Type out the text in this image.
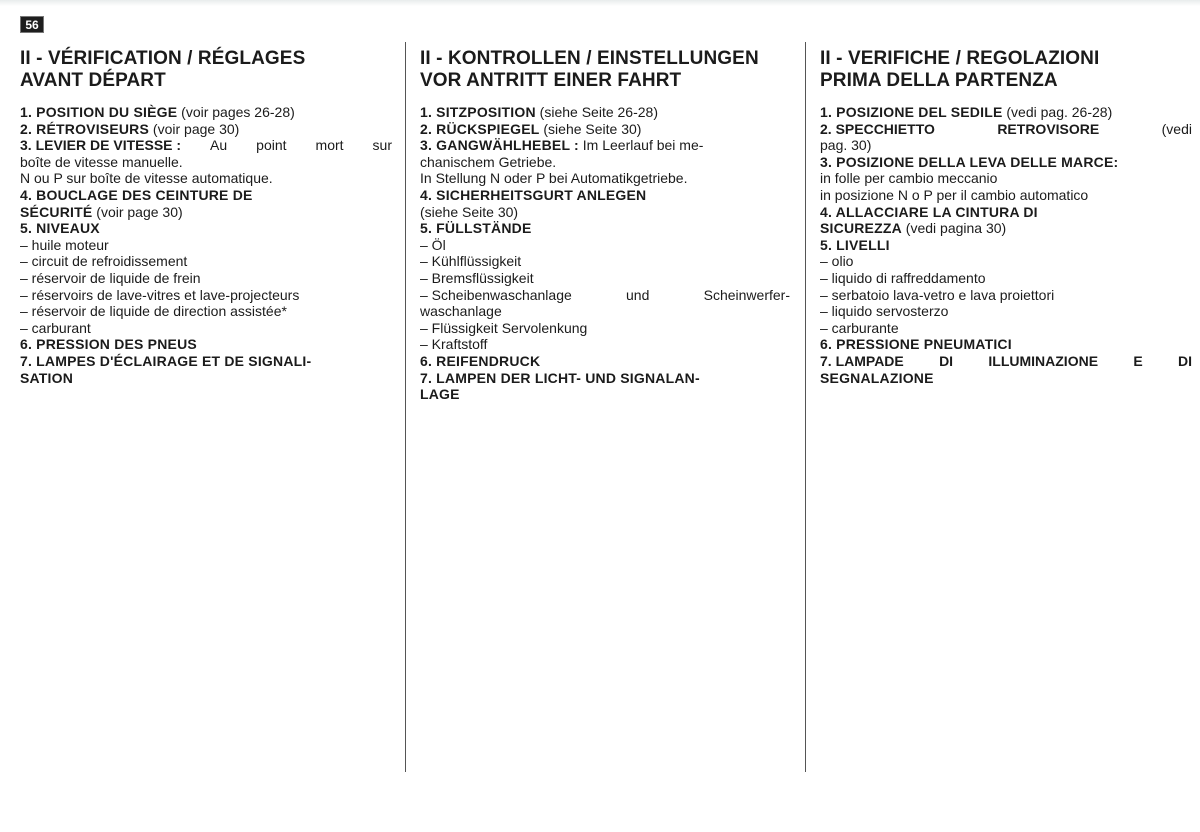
56
II - VÉRIFICATION / RÉGLAGES
AVANT DÉPART
1. POSITION DU SIÈGE (voir pages 26-28)
2. RÉTROVISEURS (voir page 30)
3. LEVIER DE VITESSE : Au point mort sur
boîte de vitesse manuelle.
N ou P sur boîte de vitesse automatique.
4. BOUCLAGE DES CEINTURE DE
SÉCURITÉ (voir page 30)
5. NIVEAUX
– huile moteur
– circuit de refroidissement
– réservoir de liquide de frein
– réservoirs de lave-vitres et lave-projecteurs
– réservoir de liquide de direction assistée*
– carburant
6. PRESSION DES PNEUS
7. LAMPES D'ÉCLAIRAGE ET DE SIGNALI-
SATION
II - KONTROLLEN / EINSTELLUNGEN
VOR ANTRITT EINER FAHRT
1. SITZPOSITION (siehe Seite 26-28)
2. RÜCKSPIEGEL (siehe Seite 30)
3. GANGWÄHLHEBEL : Im Leerlauf bei me-
chanischem Getriebe.
In Stellung N oder P bei Automatikgetriebe.
4. SICHERHEITSGURT ANLEGEN
(siehe Seite 30)
5. FÜLLSTÄNDE
– Öl
– Kühlflüssigkeit
– Bremsflüssigkeit
– Scheibenwaschanlage	und	Scheinwerfer-
waschanlage
– Flüssigkeit Servolenkung
– Kraftstoff
6. REIFENDRUCK
7. LAMPEN DER LICHT- UND SIGNALAN-
LAGE
II - VERIFICHE / REGOLAZIONI
PRIMA DELLA PARTENZA
1. POSIZIONE DEL SEDILE (vedi pag. 26-28)
2. SPECCHIETTO	RETROVISORE	(vedi
pag. 30)
3. POSIZIONE DELLA LEVA DELLE MARCE:
in folle per cambio meccanio
in posizione N o P per il cambio automatico
4. ALLACCIARE LA CINTURA DI
SICUREZZA (vedi pagina 30)
5. LIVELLI
– olio
– liquido di raffreddamento
– serbatoio lava-vetro e lava proiettori
– liquido servosterzo
– carburante
6. PRESSIONE PNEUMATICI
7. LAMPADE	DI	ILLUMINAZIONE	E	DI
SEGNALAZIONE
